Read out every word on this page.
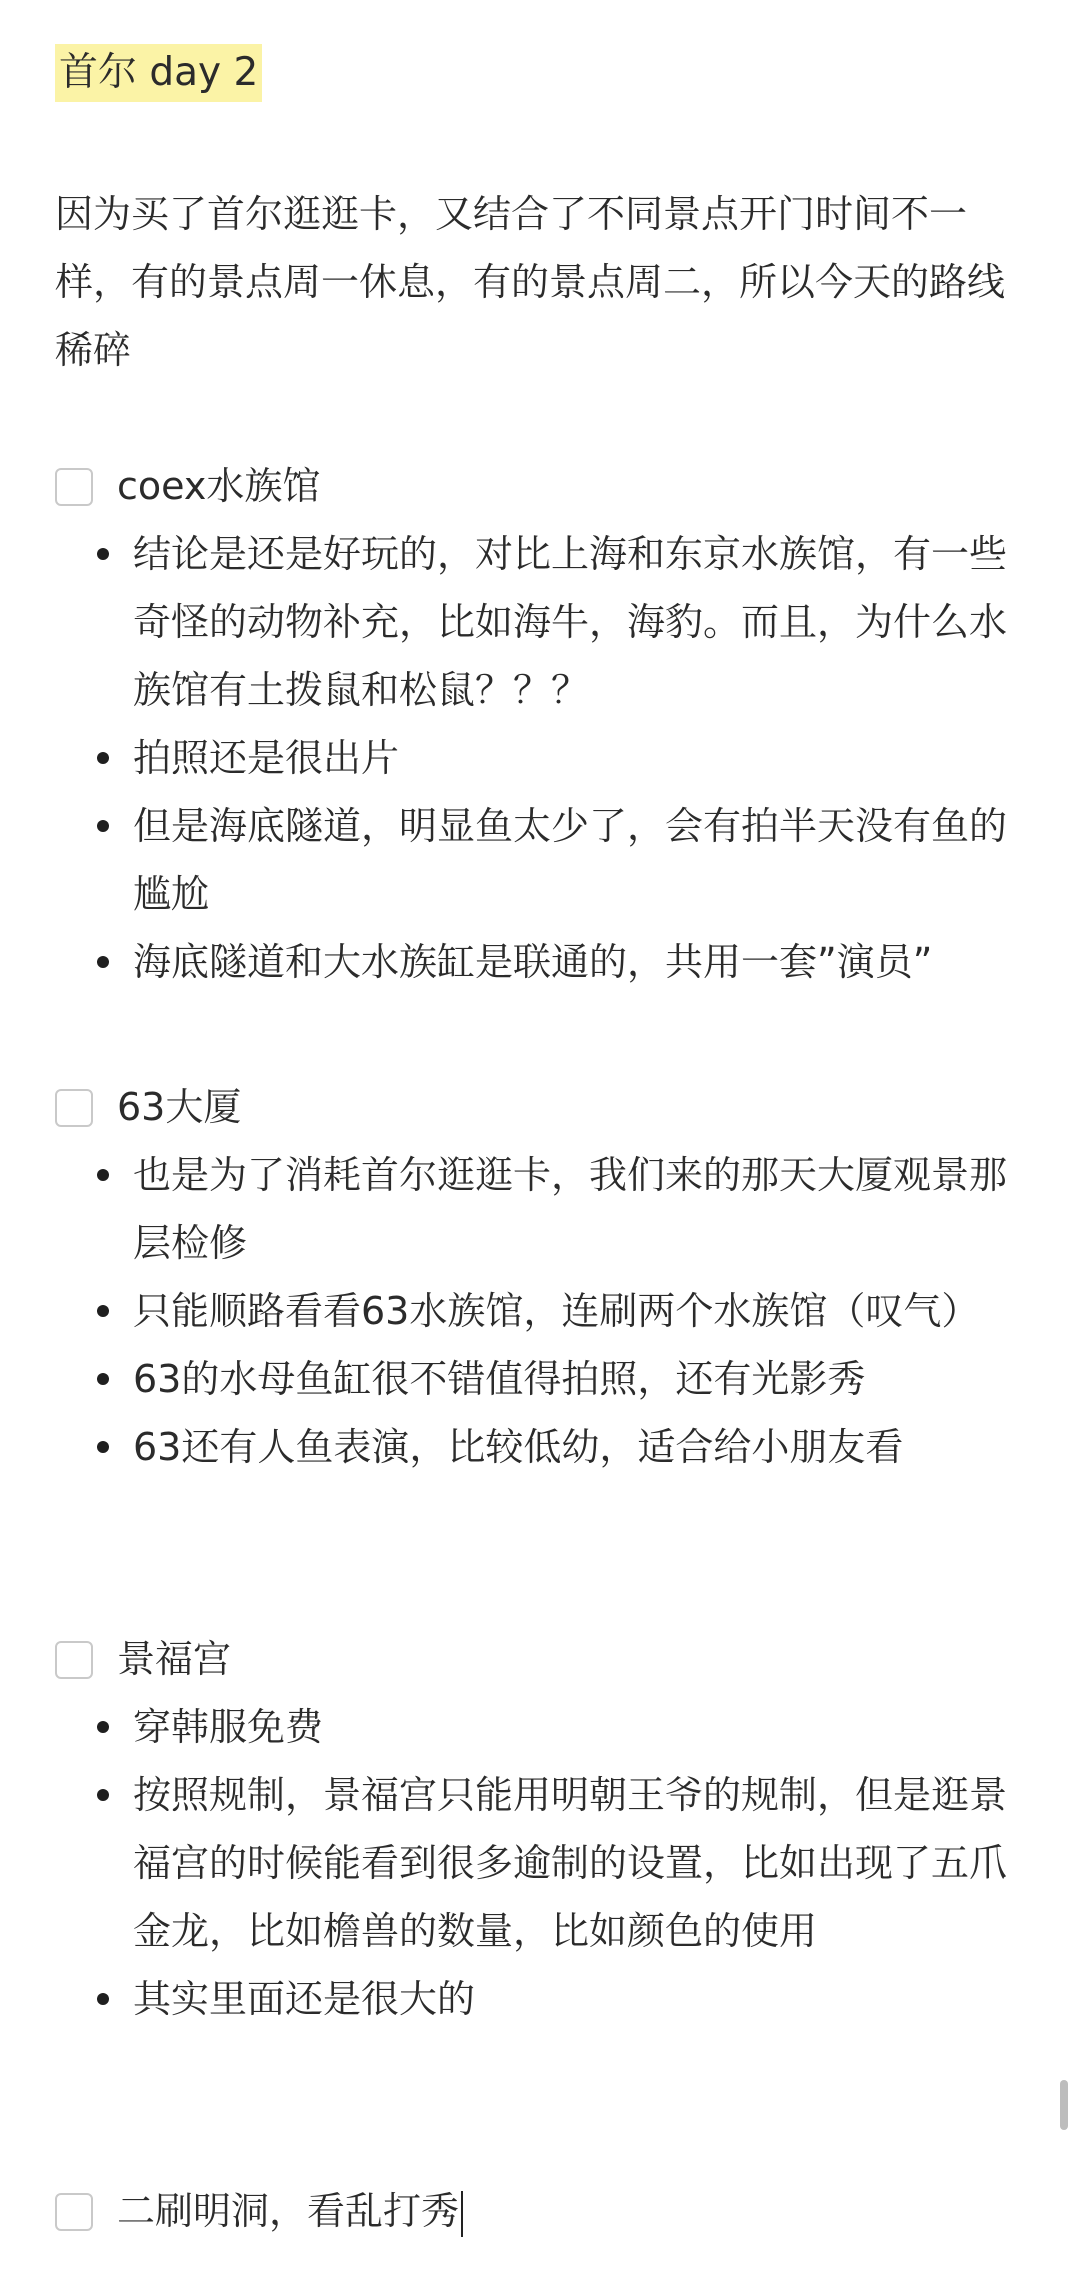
首尔 day 2

因为买了首尔逛逛卡，又结合了不同景点开门时间不一样，有的景点周一休息，有的景点周二，所以今天的路线稀碎

coex水族馆
结论是还是好玩的，对比上海和东京水族馆，有一些奇怪的动物补充，比如海牛，海豹。而且，为什么水族馆有土拨鼠和松鼠？？？
拍照还是很出片
但是海底隧道，明显鱼太少了，会有拍半天没有鱼的尴尬
海底隧道和大水族缸是联通的，共用一套”演员”
63大厦
也是为了消耗首尔逛逛卡，我们来的那天大厦观景那层检修
只能顺路看看63水族馆，连刷两个水族馆（叹气）
63的水母鱼缸很不错值得拍照，还有光影秀
63还有人鱼表演，比较低幼，适合给小朋友看
景福宫
穿韩服免费
按照规制，景福宫只能用明朝王爷的规制，但是逛景福宫的时候能看到很多逾制的设置，比如出现了五爪金龙，比如檐兽的数量，比如颜色的使用
其实里面还是很大的
二刷明洞，看乱打秀
